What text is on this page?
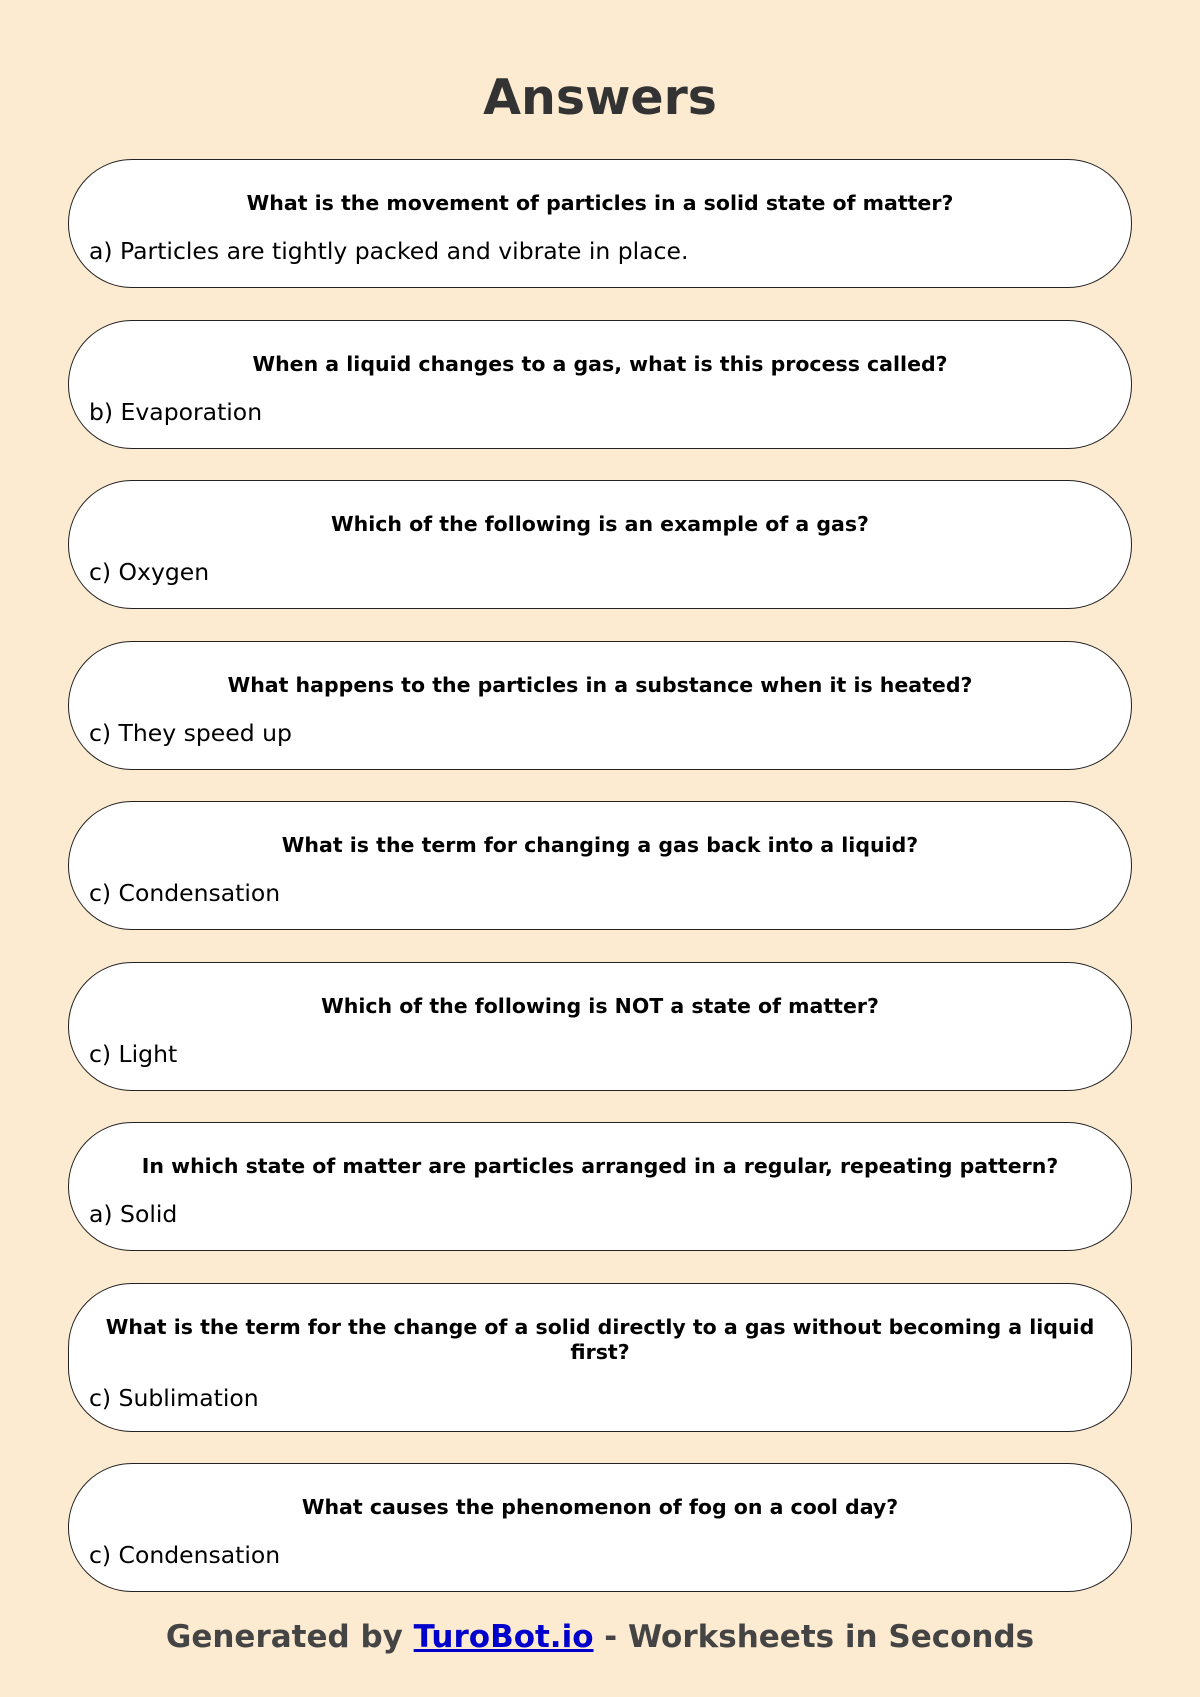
Answers
What is the movement of particles in a solid state of matter?
a) Particles are tightly packed and vibrate in place.
When a liquid changes to a gas, what is this process called?
b) Evaporation
Which of the following is an example of a gas?
c) Oxygen
What happens to the particles in a substance when it is heated?
c) They speed up
What is the term for changing a gas back into a liquid?
c) Condensation
Which of the following is NOT a state of matter?
c) Light
In which state of matter are particles arranged in a regular, repeating pattern?
a) Solid
What is the term for the change of a solid directly to a gas without becoming a liquid first?
c) Sublimation
What causes the phenomenon of fog on a cool day?
c) Condensation
Generated by TuroBot.io - Worksheets in Seconds
